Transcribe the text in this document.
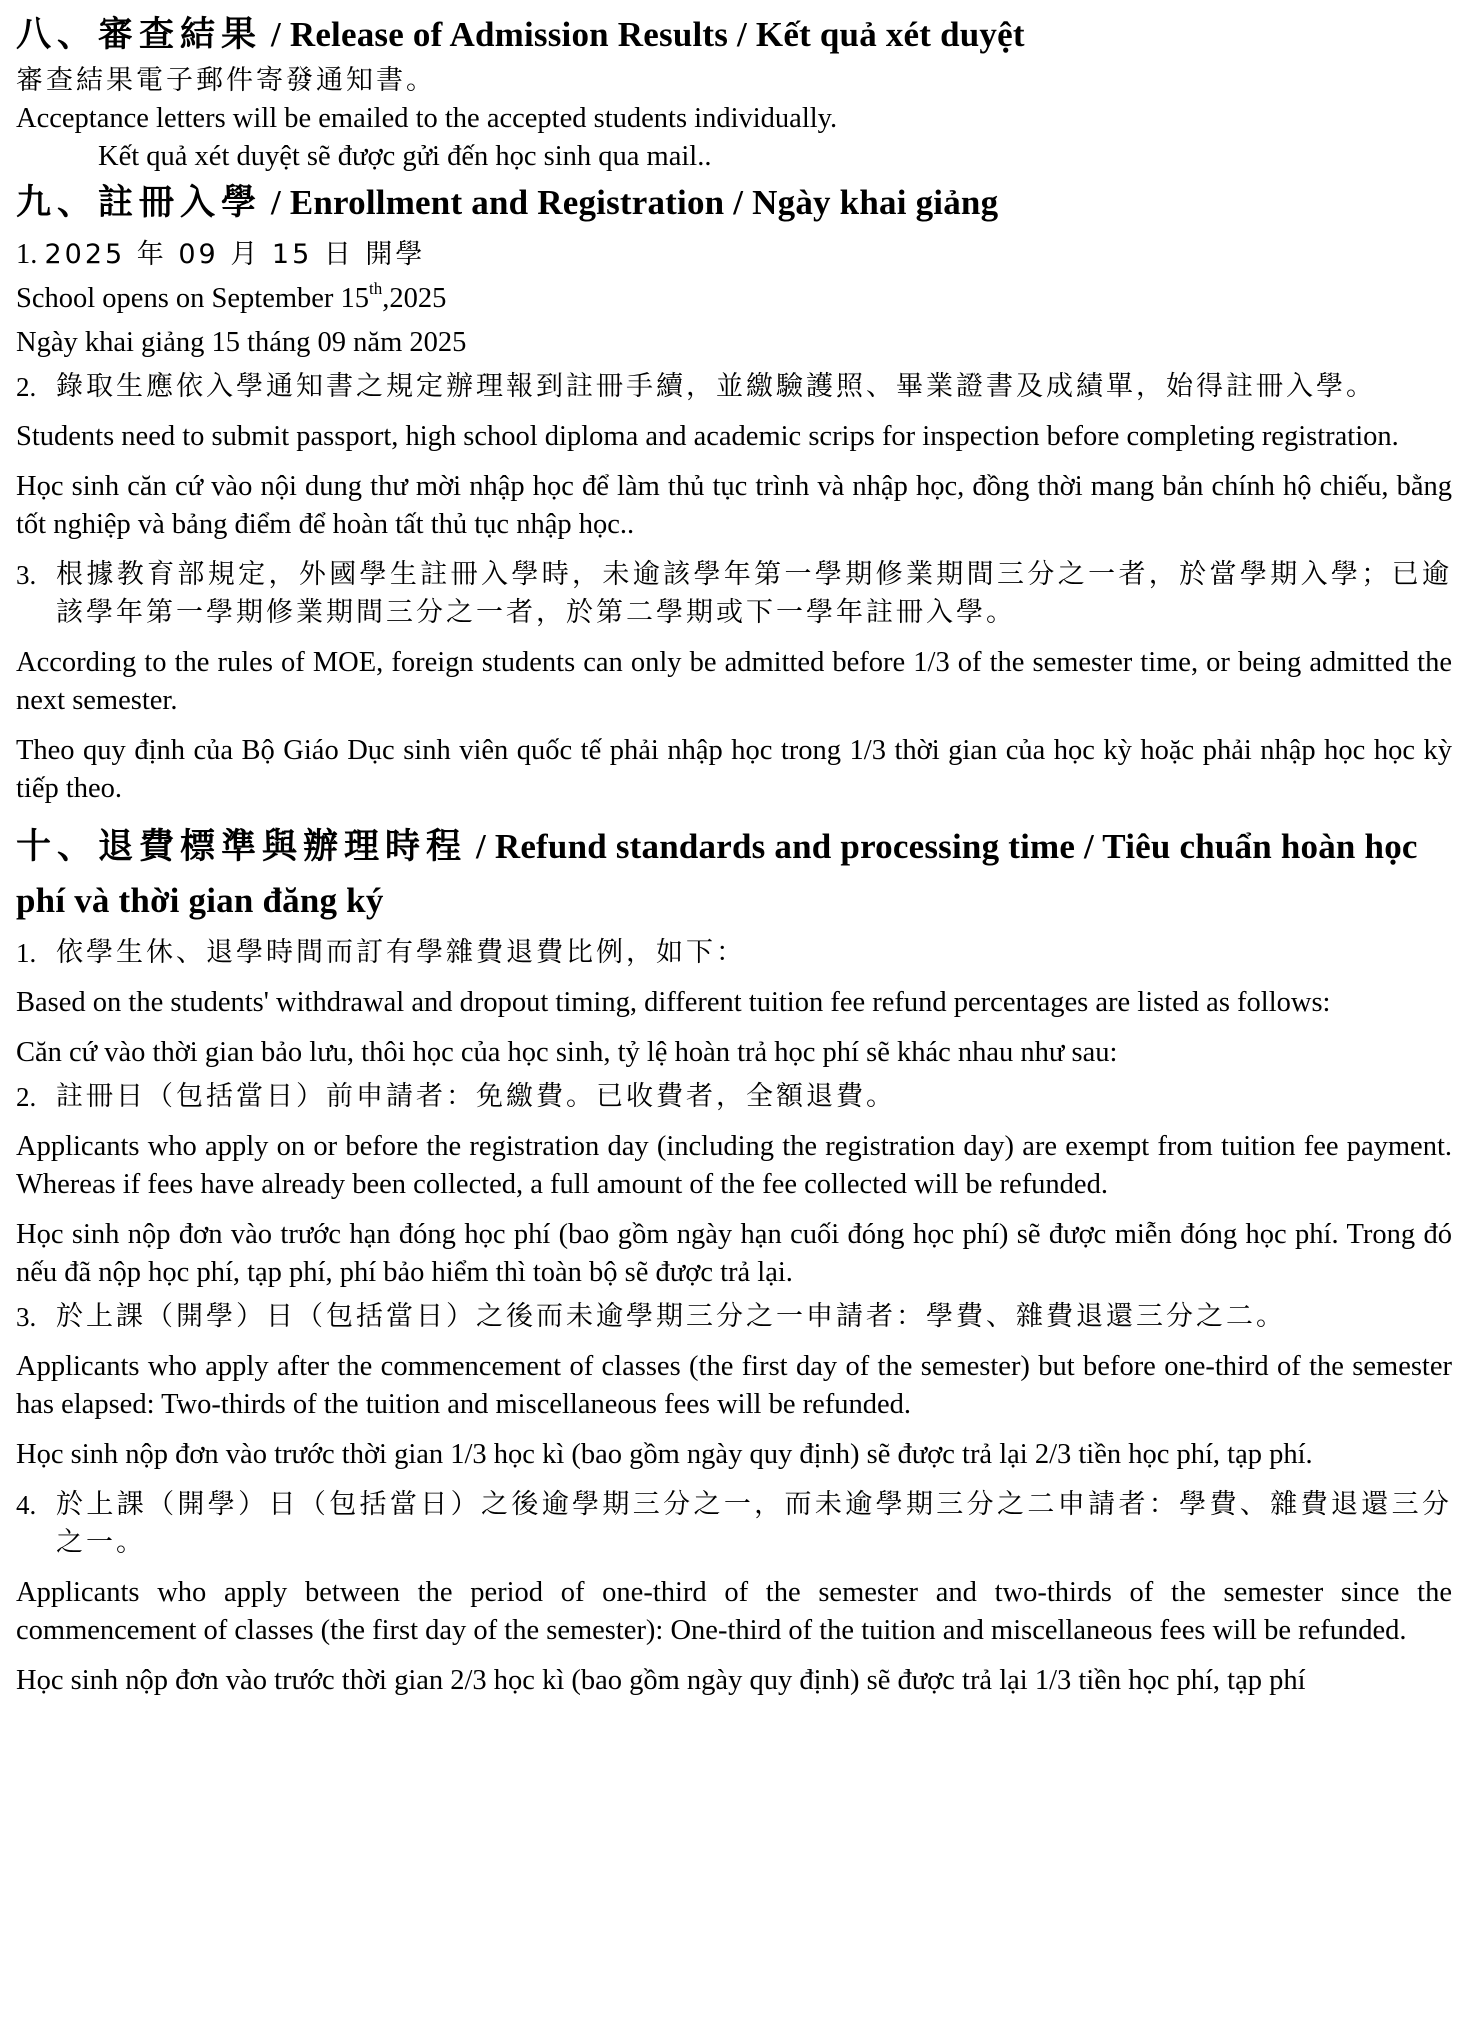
八、審查結果 / Release of Admission Results / Kết quả xét duyệt

審查結果電子郵件寄發通知書。

Acceptance letters will be emailed to the accepted students individually.

Kết quả xét duyệt sẽ được gửi đến học sinh qua mail..

九、註冊入學 / Enrollment and Registration / Ngày khai giảng

1. 2025 年 09 月 15 日 開學

School opens on September 15th,2025

Ngày khai giảng 15 tháng 09 năm 2025

2. 錄取生應依入學通知書之規定辦理報到註冊手續，並繳驗護照、畢業證書及成績單，始得註冊入學。

Students need to submit passport, high school diploma and academic scrips for inspection before completing registration.

Học sinh căn cứ vào nội dung thư mời nhập học để làm thủ tục trình và nhập học, đồng thời mang bản chính hộ chiếu, bằng tốt nghiệp và bảng điểm để hoàn tất thủ tục nhập học..

3. 根據教育部規定，外國學生註冊入學時，未逾該學年第一學期修業期間三分之一者，於當學期入學；已逾該學年第一學期修業期間三分之一者，於第二學期或下一學年註冊入學。

According to the rules of MOE, foreign students can only be admitted before 1/3 of the semester time, or being admitted the next semester.

Theo quy định của Bộ Giáo Dục sinh viên quốc tế phải nhập học trong 1/3 thời gian của học kỳ hoặc phải nhập học học kỳ tiếp theo.

十、退費標準與辦理時程 / Refund standards and processing time / Tiêu chuẩn hoàn học phí và thời gian đăng ký

1. 依學生休、退學時間而訂有學雜費退費比例，如下：

Based on the students' withdrawal and dropout timing, different tuition fee refund percentages are listed as follows:

Căn cứ vào thời gian bảo lưu, thôi học của học sinh, tỷ lệ hoàn trả học phí sẽ khác nhau như sau:

2. 註冊日（包括當日）前申請者：免繳費。已收費者，全額退費。

Applicants who apply on or before the registration day (including the registration day) are exempt from tuition fee payment. Whereas if fees have already been collected, a full amount of the fee collected will be refunded.

Học sinh nộp đơn vào trước hạn đóng học phí (bao gồm ngày hạn cuối đóng học phí) sẽ được miễn đóng học phí. Trong đó nếu đã nộp học phí, tạp phí, phí bảo hiểm thì toàn bộ sẽ được trả lại.

3. 於上課（開學）日（包括當日）之後而未逾學期三分之一申請者：學費、雜費退還三分之二。

Applicants who apply after the commencement of classes (the first day of the semester) but before one-third of the semester has elapsed: Two-thirds of the tuition and miscellaneous fees will be refunded.

Học sinh nộp đơn vào trước thời gian 1/3 học kì (bao gồm ngày quy định) sẽ được trả lại 2/3 tiền học phí, tạp phí.

4. 於上課（開學）日（包括當日）之後逾學期三分之一，而未逾學期三分之二申請者：學費、雜費退還三分之一。

Applicants who apply between the period of one-third of the semester and two-thirds of the semester since the commencement of classes (the first day of the semester): One-third of the tuition and miscellaneous fees will be refunded.

Học sinh nộp đơn vào trước thời gian 2/3 học kì (bao gồm ngày quy định) sẽ được trả lại 1/3 tiền học phí, tạp phí
